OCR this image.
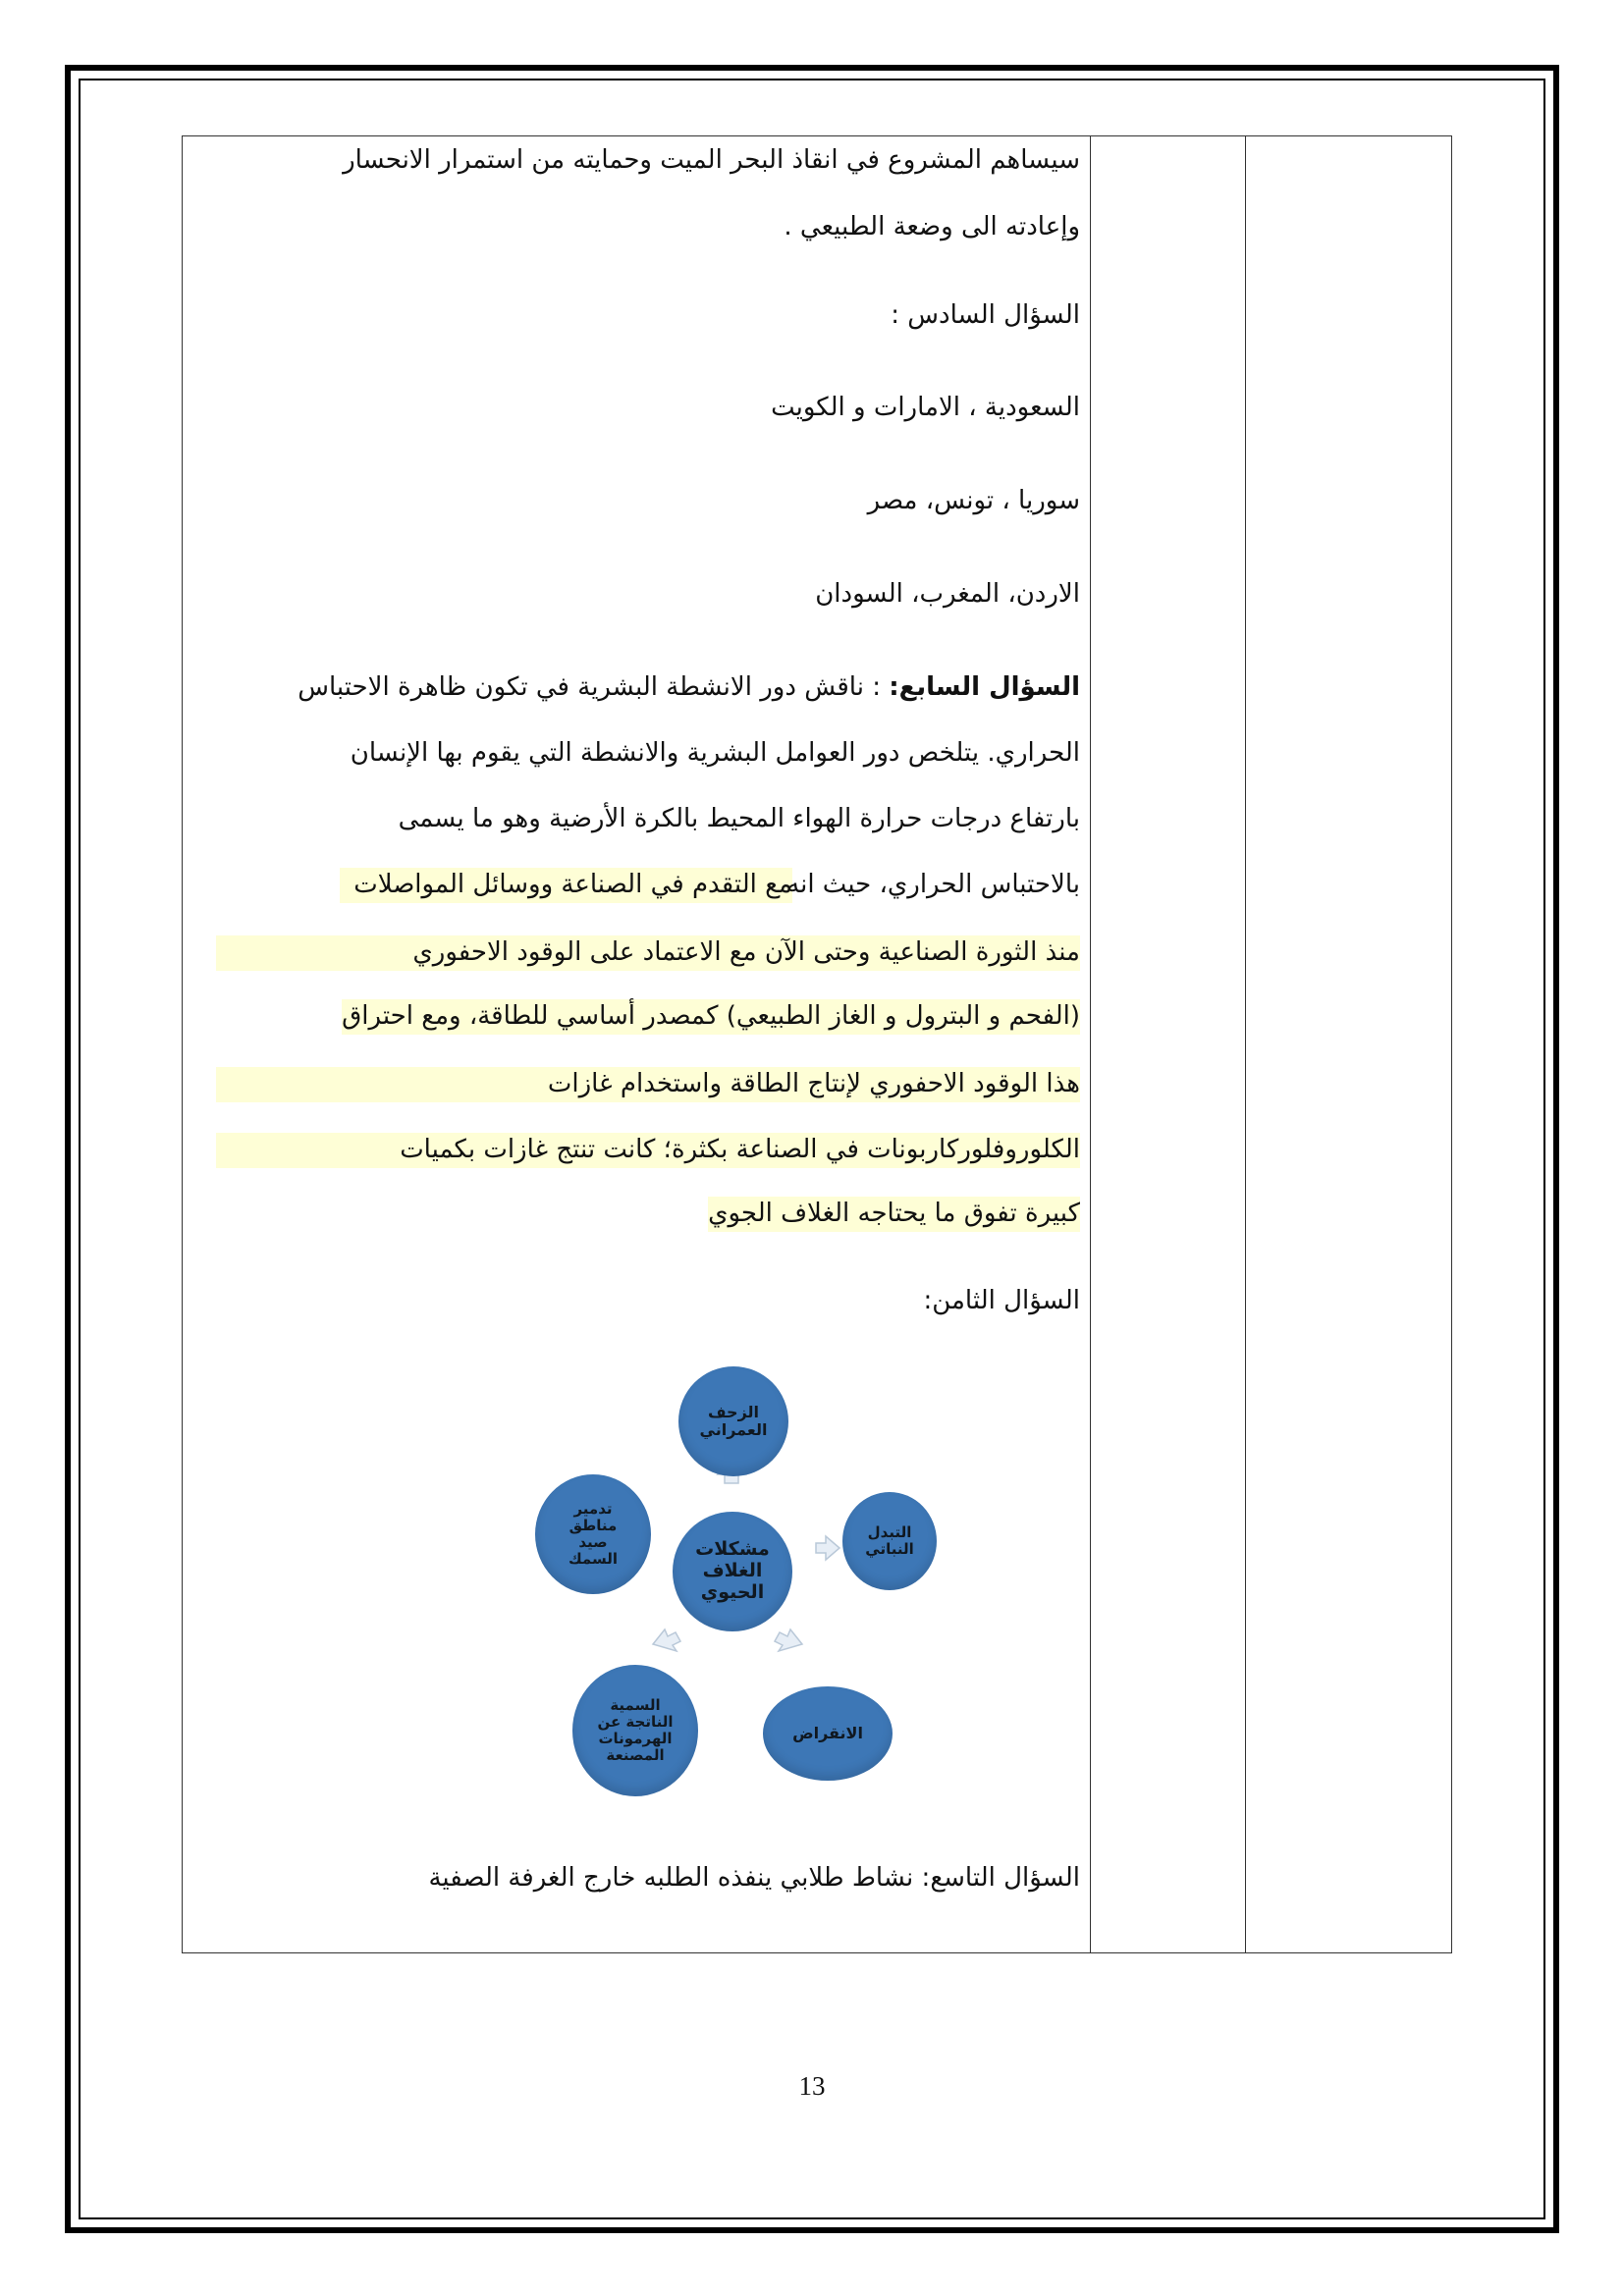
سيساهم المشروع في انقاذ البحر الميت وحمايته من استمرار الانحسار
وإعادته الى وضعة الطبيعي .
السؤال السادس :
السعودية ، الامارات و الكويت
سوريا ، تونس، مصر
الاردن، المغرب، السودان
السؤال السابع: : ناقش دور الانشطة البشرية في تكون ظاهرة الاحتباس
الحراري. يتلخص دور العوامل البشرية والانشطة التي يقوم بها الإنسان
بارتفاع درجات حرارة الهواء المحيط بالكرة الأرضية وهو ما يسمى
بالاحتباس الحراري، حيث انه مع التقدم في الصناعة ووسائل المواصلات
منذ الثورة الصناعية وحتى الآن مع الاعتماد على الوقود الاحفوري
(الفحم و البترول و الغاز الطبيعي) كمصدر أساسي للطاقة، ومع احتراق
هذا الوقود الاحفوري لإنتاج الطاقة واستخدام غازات
الكلوروفلوركاربونات في الصناعة بكثرة؛ كانت تنتج غازات بكميات
كبيرة تفوق ما يحتاجه الغلاف الجوي
السؤال الثامن:
السؤال التاسع: نشاط طلابي ينفذه الطلبه خارج الغرفة الصفية
مشكلات الغلاف الحيوي
الزحف العمراني
التبدل النباتي
الانقراض
السمية الناتجة عن الهرمونات المصنعة
تدمير مناطق صيد السمك
13
